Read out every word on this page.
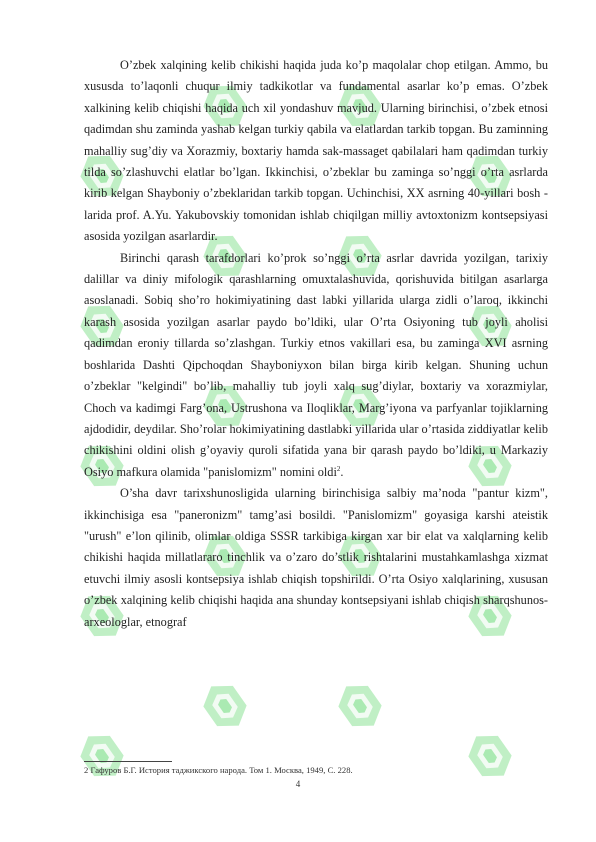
O’zbek xalqining kelib chikishi haqida juda ko’p maqolalar chop etilgan. Ammo, bu xususda to’laqonli chuqur ilmiy tadkikotlar va fundamental asarlar ko’p emas. O’zbek xalkining kelib chiqishi haqida uch xil yondashuv mavjud. Ularning birinchisi, o’zbek etnosi qadimdan shu zaminda yashab kelgan turkiy qabila va elatlardan tarkib topgan. Bu zaminning mahalliy sug’diy va Xorazmiy, boxtariy hamda sak-massaget qabilalari ham qadimdan turkiy tilda so’zlashuvchi elatlar bo’lgan. Ikkinchisi, o’zbeklar bu zaminga so’nggi o’rta asrlarda kirib kelgan Shayboniy o’zbeklaridan tarkib topgan. Uchinchisi, XX asrning 40-yillari bosh - larida prof. A.Yu. Yakubovskiy tomonidan ishlab chiqilgan milliy avtoxtonizm kontsepsiyasi asosida yozilgan asarlardir.

Birinchi qarash tarafdorlari ko’prok so’nggi o’rta asrlar davrida yozilgan, tarixiy dalillar va diniy mifologik qarashlarning omuxtalashuvida, qorishuvida bitilgan asarlarga asoslanadi. Sobiq sho’ro hokimiyatining dast labki yillarida ularga zidli o’laroq, ikkinchi karash asosida yozilgan asarlar paydo bo’ldiki, ular O’rta Osiyoning tub joyli aholisi qadimdan eroniy tillarda so’zlashgan. Turkiy etnos vakillari esa, bu zaminga XVI asrning boshlarida Dashti Qipchoqdan Shayboniyxon bilan birga kirib kelgan. Shuning uchun o’zbeklar "kelgindi" bo’lib, mahalliy tub joyli xalq sug’diylar, boxtariy va xorazmiylar, Choch va kadimgi Farg’ona, Ustrushona va Iloqliklar, Marg’iyona va parfyanlar tojiklarning ajdodidir, deydilar. Sho’rolar hokimiyatining dastlabki yillarida ular o’rtasida ziddiyatlar kelib chikishini oldini olish g’oyaviy quroli sifatida yana bir qarash paydo bo’ldiki, u Markaziy Osiyo mafkura olamida "panislomizm" nomini oldi$^2$.

O’sha davr tarixshunosligida ularning birinchisiga salbiy ma’noda "pantur kizm", ikkinchisiga esa "paneronizm" tamg’asi bosildi. "Panislomizm" goyasiga karshi ateistik "urush" e’lon qilinib, olimlar oldiga SSSR tarkibiga kirgan xar bir elat va xalqlarning kelib chikishi haqida millatlararo tinchlik va o’zaro do’stlik rishtalarini mustahkamlashga xizmat etuvchi ilmiy asosli kontsepsiya ishlab chiqish topshirildi. O’rta Osiyo xalqlarining, xususan o’zbek xalqining kelib chiqishi haqida ana shunday kontsepsiyani ishlab chiqish sharqshunos-arxeologlar, etnograf

2 Гафуров Б.Г. История таджикского народа. Том 1. Москва, 1949, С. 228.
4
